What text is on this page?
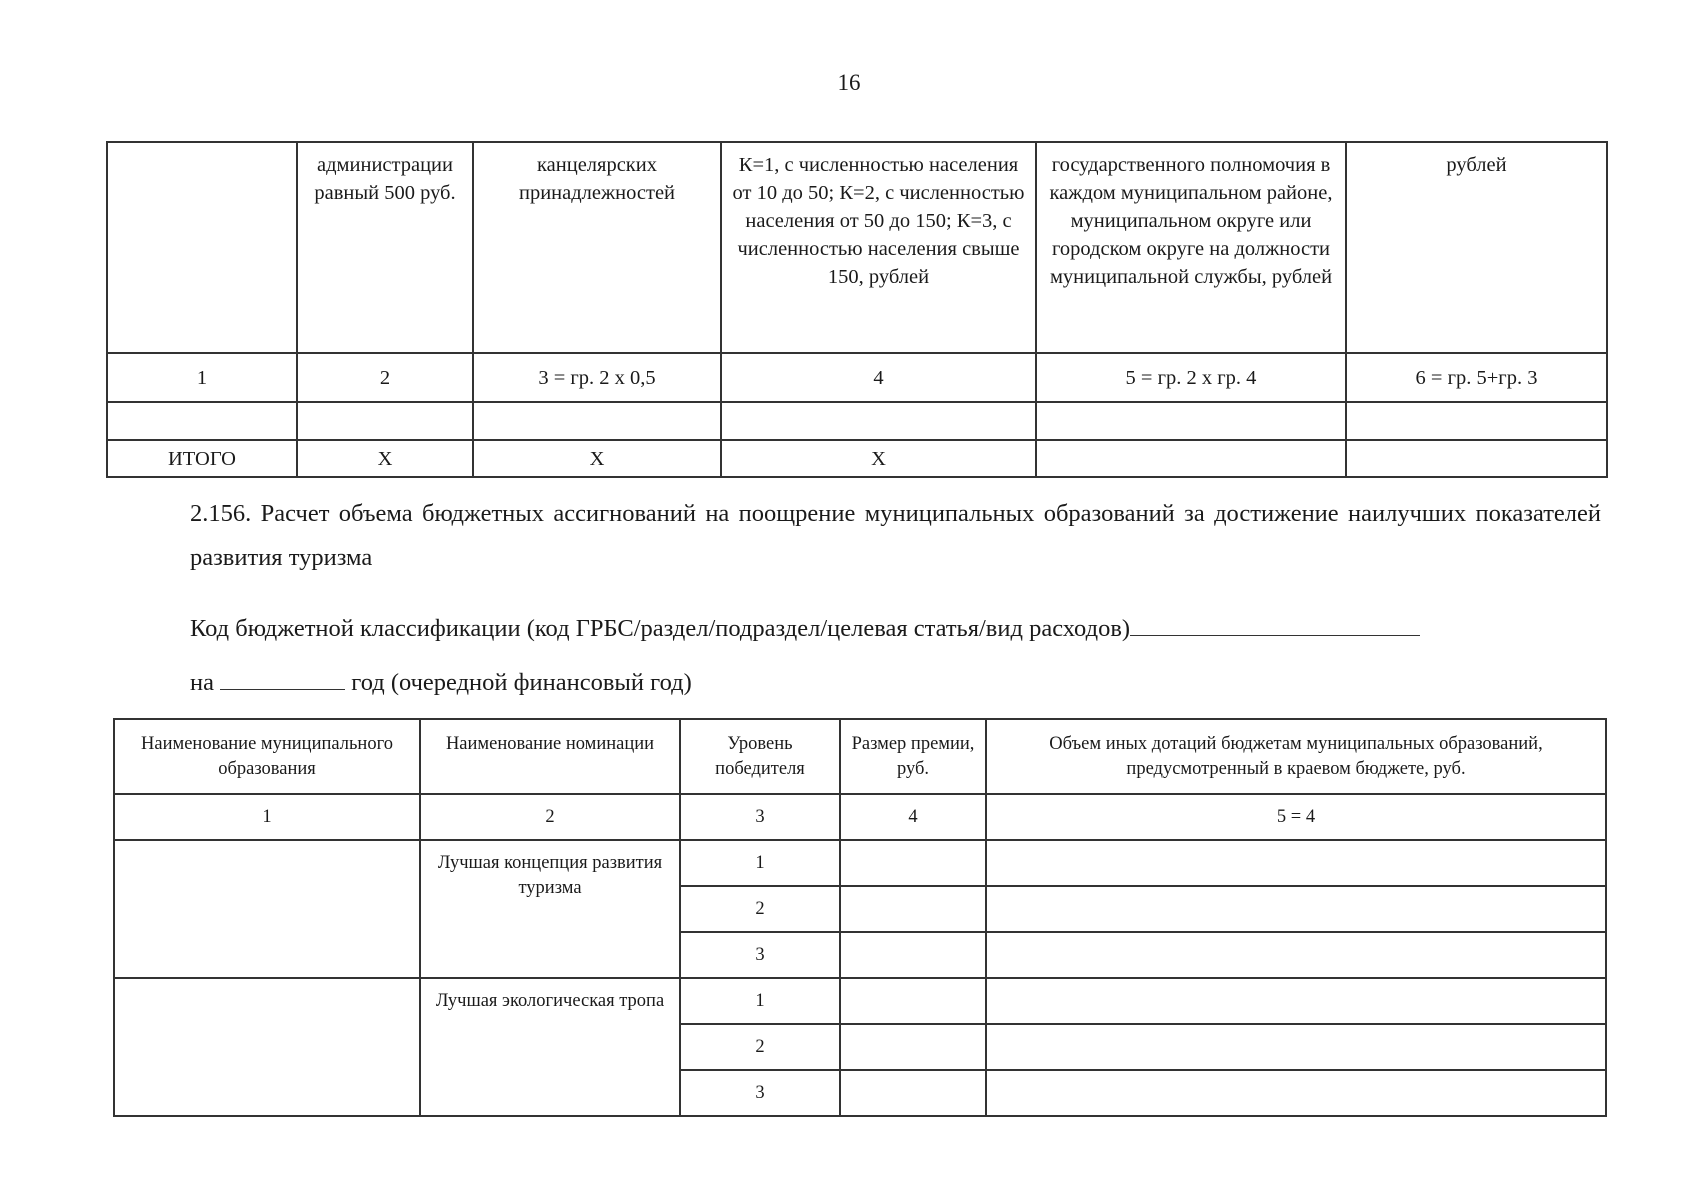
16
	администрации равный 500 руб.	канцелярских принадлежностей	К=1, с численностью населения от 10 до 50; К=2, с численностью населения от 50 до 150; К=3, с численностью населения свыше 150, рублей	государственного полномочия в каждом муниципальном районе, муниципальном округе или городском округе на должности муниципальной службы, рублей	рублей
1	2	3 = гр. 2 х 0,5	4	5 = гр. 2 х гр. 4	6 = гр. 5+гр. 3

ИТОГО	Х	Х	Х		
2.156. Расчет объема бюджетных ассигнований на поощрение муниципальных образований за достижение наилучших показателей развития туризма
Код бюджетной классификации (код ГРБС/раздел/подраздел/целевая статья/вид расходов)
на	год (очередной финансовый год)
Наименование муниципального образования	Наименование номинации	Уровень победителя	Размер премии, руб.	Объем иных дотаций бюджетам муниципальных образований, предусмотренный в краевом бюджете, руб.
1	2	3	4	5 = 4
	Лучшая концепция развития туризма	1		
		2		
		3		
	Лучшая экологическая тропа	1		
		2		
		3		
